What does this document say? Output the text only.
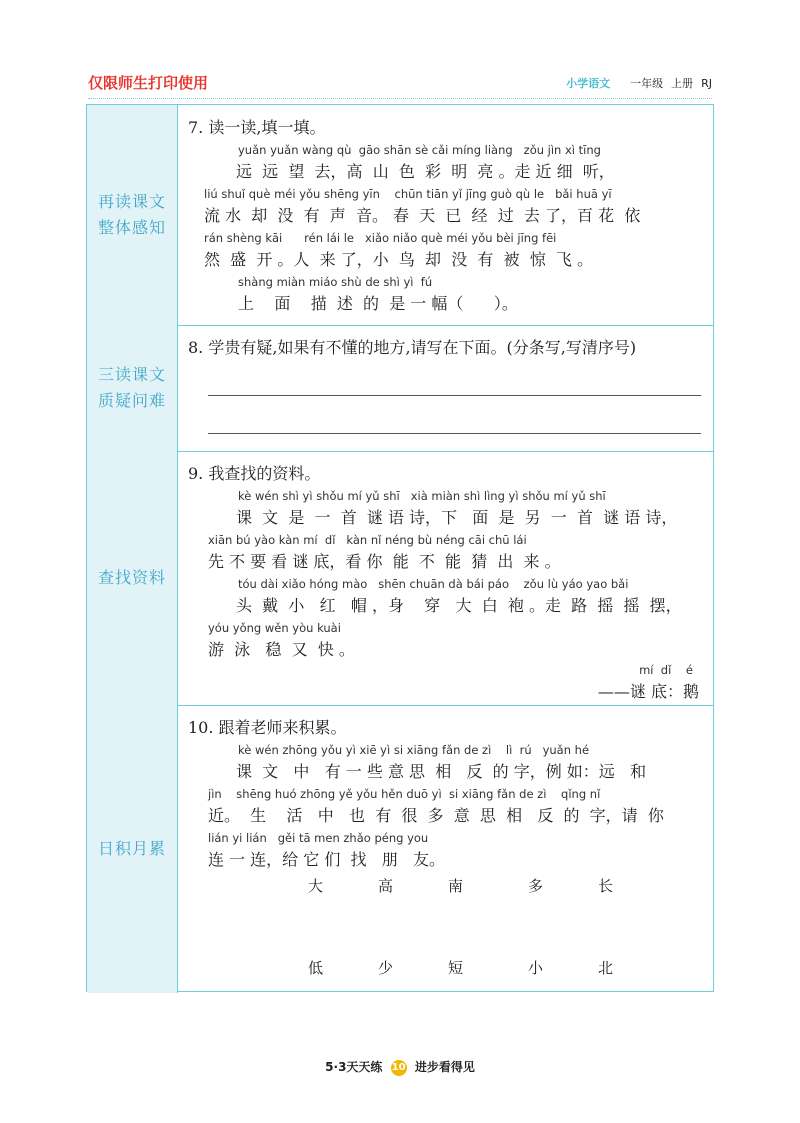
仅限师生打印使用	小学语文 一年级 上册 RJ
再读课文
整体感知
7. 读一读,填一填。
yuǎn yuǎn wàng qù  gāo shān sè cǎi míng liàng   zǒu jìn xì tīng
远  远  望  去，高  山  色  彩  明  亮 。走 近 细  听，
liú shuǐ què méi yǒu shēng yīn    chūn tiān yǐ jīng guò qù le   bǎi huā yī
流 水  却  没  有  声  音。 春  天  已  经  过  去 了，百 花  依
rán shèng kāi      rén lái le   xiǎo niǎo què méi yǒu bèi jīng fēi
然  盛  开 。人  来 了，小  鸟  却  没  有  被  惊  飞 。
shàng miàn miáo shù de shì yì  fú
上    面    描  述  的  是 一 幅（      ）。
三读课文
质疑问难
8. 学贵有疑,如果有不懂的地方,请写在下面。(分条写,写清序号)
查找资料
9. 我查找的资料。
kè wén shì yì shǒu mí yǔ shī   xià miàn shì lìng yì shǒu mí yǔ shī
课  文  是  一  首  谜 语 诗，下   面  是  另  一  首  谜 语 诗，
xiān bú yào kàn mí  dǐ   kàn nǐ néng bù néng cāi chū lái
先 不 要 看 谜 底，看 你  能  不  能  猜  出  来 。
tóu dài xiǎo hóng mào   shēn chuān dà bái páo    zǒu lù yáo yao bǎi
头  戴  小   红   帽 ，身    穿   大  白  袍 。走  路  摇  摇  摆，
yóu yǒng wěn yòu kuài
游  泳   稳  又  快 。
mí  dǐ    é
——谜 底：鹅
日积月累
10. 跟着老师来积累。
kè wén zhōng yǒu yì xiē yì si xiāng fǎn de zì    lì  rú   yuǎn hé
课  文   中   有 一 些 意 思  相   反  的 字，例 如：远   和
jìn    shēng huó zhōng yě yǒu hěn duō yì  si xiāng fǎn de zì    qǐng nǐ
近。  生    活   中   也  有  很  多  意  思  相   反  的  字，请  你
lián yi lián   gěi tā men zhǎo péng you
连 一 连，给 它 们  找   朋   友。
大	高	南	多	长
低	少	短	小	北
5·3天天练 10 进步看得见
